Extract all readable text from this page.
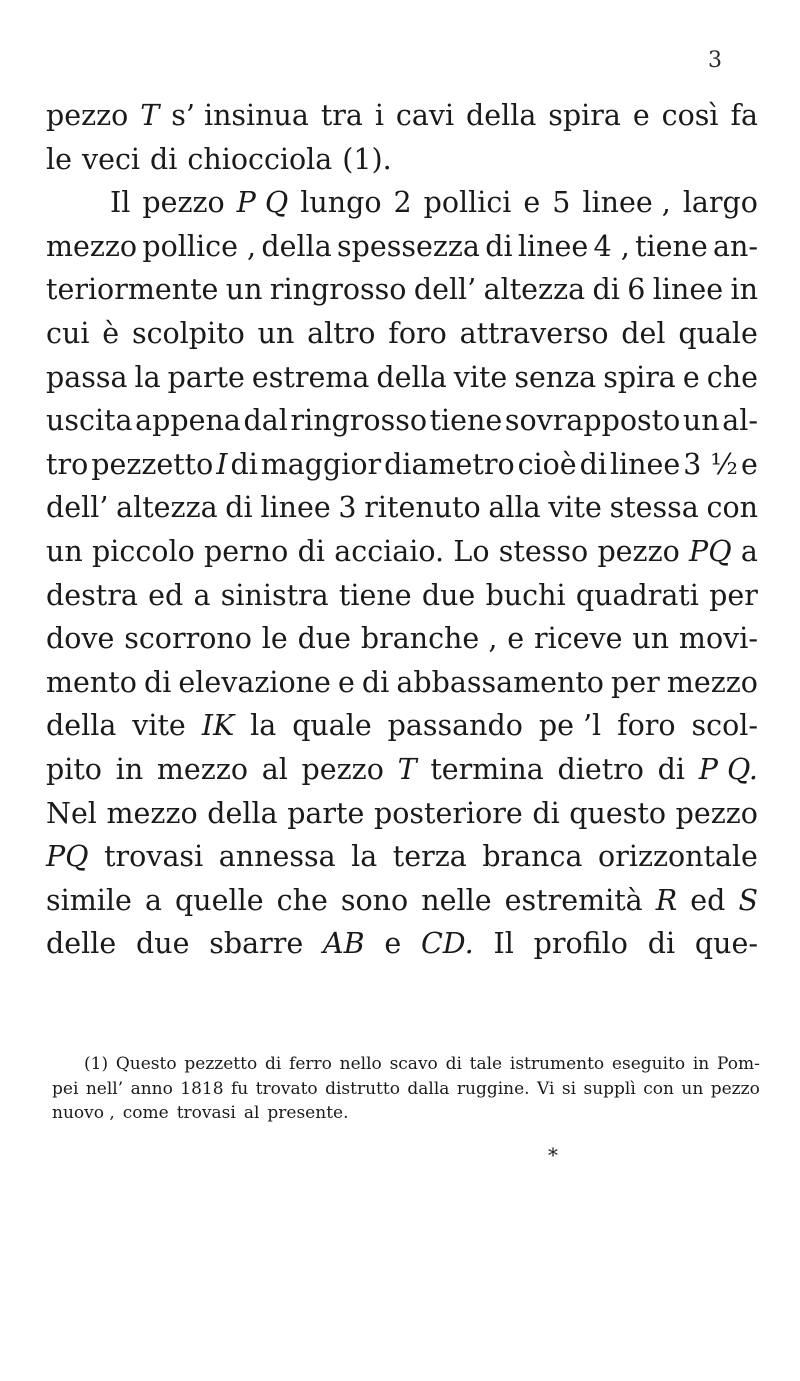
3
pezzo T s’ insinua tra i cavi della spira e così fa
le veci di chiocciola (1).
Il pezzo P Q lungo 2 pollici e 5 linee , largo
mezzo pollice , della spessezza di linee 4 , tiene an-
teriormente un ringrosso dell’ altezza di 6 linee in
cui è scolpito un altro foro attraverso del quale
passa la parte estrema della vite senza spira e che
uscita appena dal ringrosso tiene sovrapposto un al-
tro pezzetto I di maggior diametro cioè di linee 3 ½ e
dell’ altezza di linee 3 ritenuto alla vite stessa con
un piccolo perno di acciaio. Lo stesso pezzo PQ a
destra ed a sinistra tiene due buchi quadrati per
dove scorrono le due branche , e riceve un movi-
mento di elevazione e di abbassamento per mezzo
della vite IK la quale passando pe ’l foro scol-
pito in mezzo al pezzo T termina dietro di P Q.
Nel mezzo della parte posteriore di questo pezzo
PQ trovasi annessa la terza branca orizzontale
simile a quelle che sono nelle estremità R ed S
delle due sbarre AB e CD. Il profilo di que-
(1) Questo pezzetto di ferro nello scavo di tale istrumento eseguito in Pom-
pei nell’ anno 1818 fu trovato distrutto dalla ruggine. Vi si supplì con un pezzo
nuovo , come trovasi al presente.
*
